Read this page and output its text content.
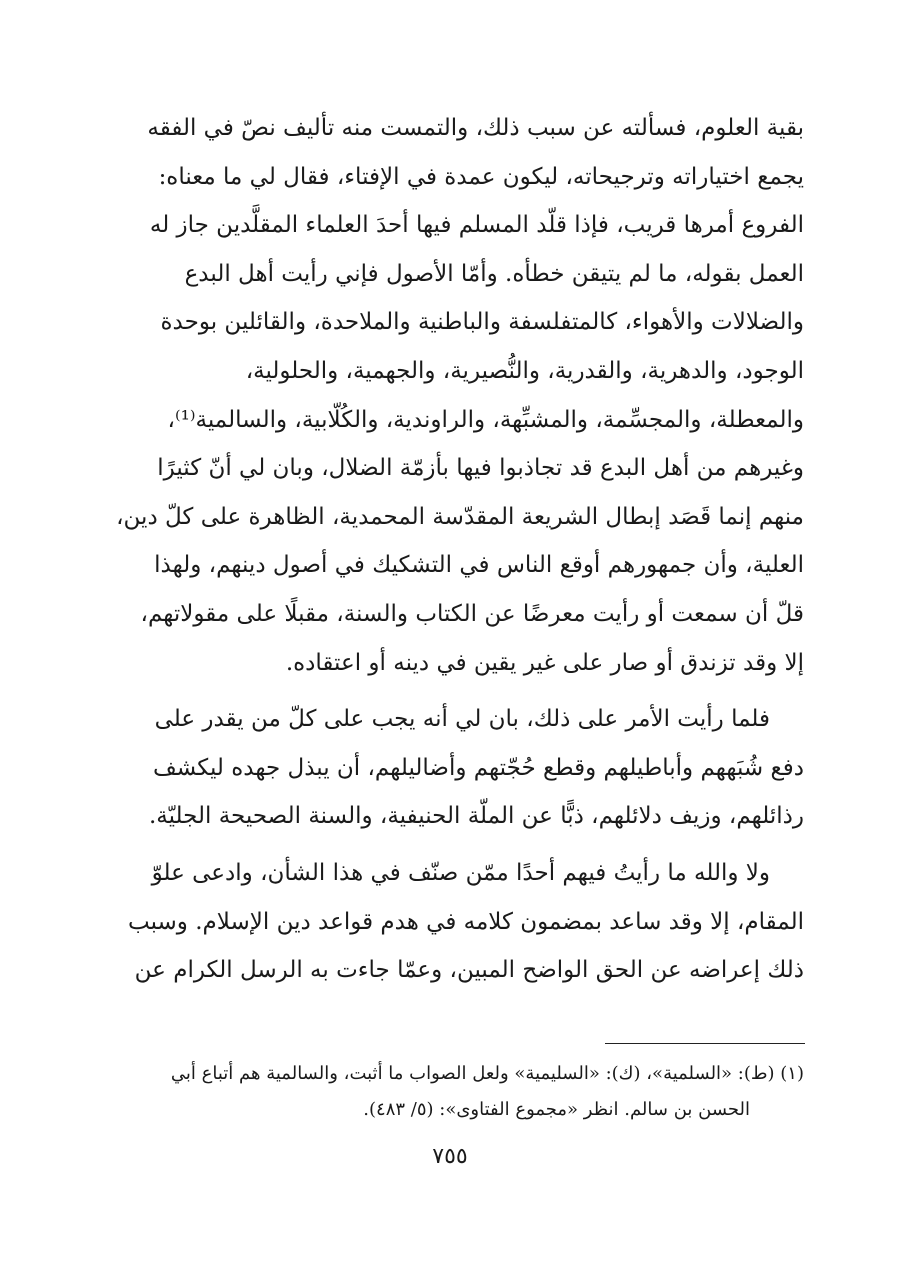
بقية العلوم، فسألته عن سبب ذلك، والتمست منه تأليف نصّ في الفقه
يجمع اختياراته وترجيحاته، ليكون عمدة في الإفتاء، فقال لي ما معناه:
الفروع أمرها قريب، فإذا قلّد المسلم فيها أحدَ العلماء المقلَّدين جاز له
العمل بقوله، ما لم يتيقن خطأه. وأمّا الأصول فإني رأيت أهل البدع
والضلالات والأهواء، كالمتفلسفة والباطنية والملاحدة، والقائلين بوحدة
الوجود، والدهرية، والقدرية، والنُّصيرية، والجهمية، والحلولية،
والمعطلة، والمجسِّمة، والمشبِّهة، والراوندية، والكُلّابية، والسالمية⁽¹⁾،
وغيرهم من أهل البدع قد تجاذبوا فيها بأزمّة الضلال، وبان لي أنّ كثيرًا
منهم إنما قَصَد إبطال الشريعة المقدّسة المحمدية، الظاهرة على كلّ دين،
العلية، وأن جمهورهم أوقع الناس في التشكيك في أصول دينهم، ولهذا
قلّ أن سمعت أو رأيت معرضًا عن الكتاب والسنة، مقبلًا على مقولاتهم،
إلا وقد تزندق أو صار على غير يقين في دينه أو اعتقاده.
فلما رأيت الأمر على ذلك، بان لي أنه يجب على كلّ من يقدر على
دفع شُبَههم وأباطيلهم وقطع حُجّتهم وأضاليلهم، أن يبذل جهده ليكشف
رذائلهم، وزيف دلائلهم، ذبًّا عن الملّة الحنيفية، والسنة الصحيحة الجليّة.
ولا والله ما رأيتُ فيهم أحدًا ممّن صنّف في هذا الشأن، وادعى علوّ
المقام، إلا وقد ساعد بمضمون كلامه في هدم قواعد دين الإسلام. وسبب
ذلك إعراضه عن الحق الواضح المبين، وعمّا جاءت به الرسل الكرام عن
(١) (ط): «السلمية»، (ك): «السليمية» ولعل الصواب ما أثبت، والسالمية هم أتباع أبي
الحسن بن سالم. انظر «مجموع الفتاوى»: (٥/ ٤٨٣).
٧٥٥
